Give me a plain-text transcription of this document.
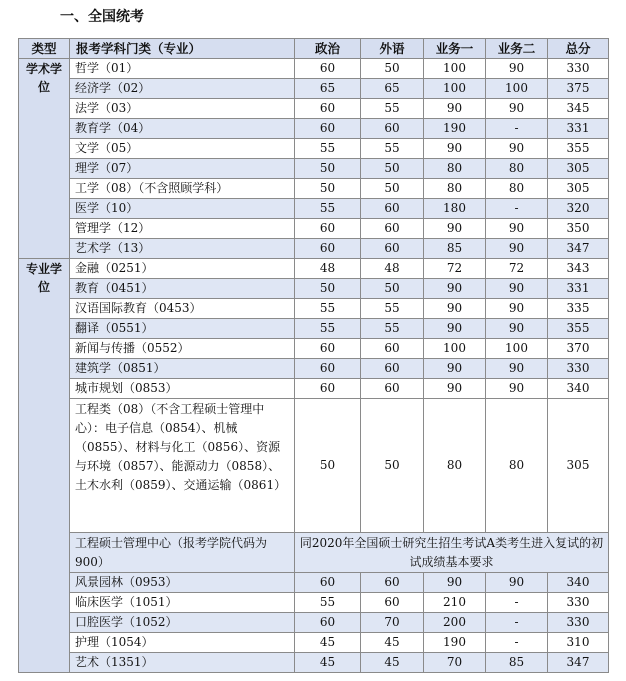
一、全国统考
类型	报考学科门类（专业）	政治	外语	业务一	业务二	总分
学术学位	哲学（01）	60	50	100	90	330
	经济学（02）	65	65	100	100	375
	法学（03）	60	55	90	90	345
	教育学（04）	60	60	190	-	331
	文学（05）	55	55	90	90	355
	理学（07）	50	50	80	80	305
	工学（08）（不含照顾学科）	50	50	80	80	305
	医学（10）	55	60	180	-	320
	管理学（12）	60	60	90	90	350
	艺术学（13）	60	60	85	90	347
专业学位	金融（0251）	48	48	72	72	343
	教育（0451）	50	50	90	90	331
	汉语国际教育（0453）	55	55	90	90	335
	翻译（0551）	55	55	90	90	355
	新闻与传播（0552）	60	60	100	100	370
	建筑学（0851）	60	60	90	90	330
	城市规划（0853）	60	60	90	90	340
	工程类（08）（不含工程硕士管理中心）：电子信息（0854）、机械（0855）、材料与化工（0856）、资源与环境（0857）、能源动力（0858）、土木水利（0859）、交通运输（0861）	50	50	80	80	305
	工程硕士管理中心（报考学院代码为900）	同2020年全国硕士研究生招生考试A类考生进入复试的初试成绩基本要求				
	风景园林（0953）	60	60	90	90	340
	临床医学（1051）	55	60	210	-	330
	口腔医学（1052）	60	70	200	-	330
	护理（1054）	45	45	190	-	310
	艺术（1351）	45	45	70	85	347
